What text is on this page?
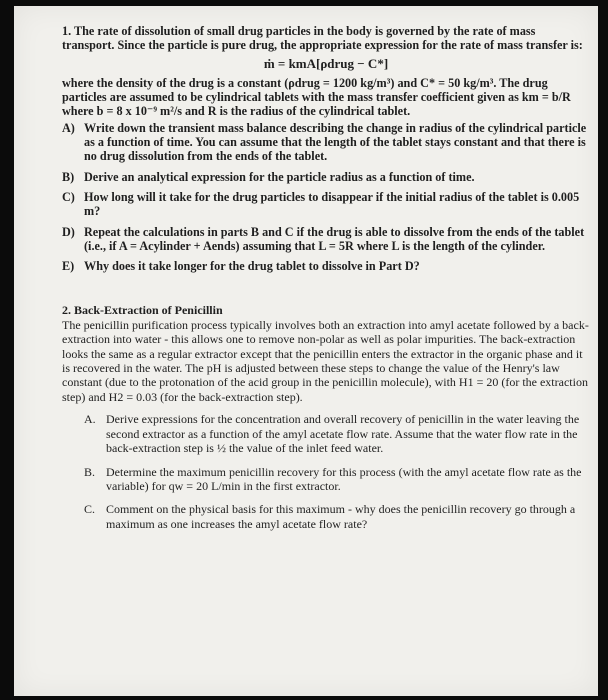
1. The rate of dissolution of small drug particles in the body is governed by the rate of mass transport. Since the particle is pure drug, the appropriate expression for the rate of mass transfer is:
ṁ = kmA[ρdrug − C*]
where the density of the drug is a constant (ρdrug = 1200 kg/m³) and C* = 50 kg/m³. The drug particles are assumed to be cylindrical tablets with the mass transfer coefficient given as km = b/R where b = 8 x 10⁻⁹ m²/s and R is the radius of the cylindrical tablet.
A) Write down the transient mass balance describing the change in radius of the cylindrical particle as a function of time. You can assume that the length of the tablet stays constant and that there is no drug dissolution from the ends of the tablet.
B) Derive an analytical expression for the particle radius as a function of time.
C) How long will it take for the drug particles to disappear if the initial radius of the tablet is 0.005 m?
D) Repeat the calculations in parts B and C if the drug is able to dissolve from the ends of the tablet (i.e., if A = Acylinder + Aends) assuming that L = 5R where L is the length of the cylinder.
E) Why does it take longer for the drug tablet to dissolve in Part D?
2. Back-Extraction of Penicillin
The penicillin purification process typically involves both an extraction into amyl acetate followed by a back-extraction into water - this allows one to remove non-polar as well as polar impurities. The back-extraction looks the same as a regular extractor except that the penicillin enters the extractor in the organic phase and it is recovered in the water. The pH is adjusted between these steps to change the value of the Henry's law constant (due to the protonation of the acid group in the penicillin molecule), with H1 = 20 (for the extraction step) and H2 = 0.03 (for the back-extraction step).
A. Derive expressions for the concentration and overall recovery of penicillin in the water leaving the second extractor as a function of the amyl acetate flow rate. Assume that the water flow rate in the back-extraction step is ½ the value of the inlet feed water.
B. Determine the maximum penicillin recovery for this process (with the amyl acetate flow rate as the variable) for qw = 20 L/min in the first extractor.
C. Comment on the physical basis for this maximum - why does the penicillin recovery go through a maximum as one increases the amyl acetate flow rate?
